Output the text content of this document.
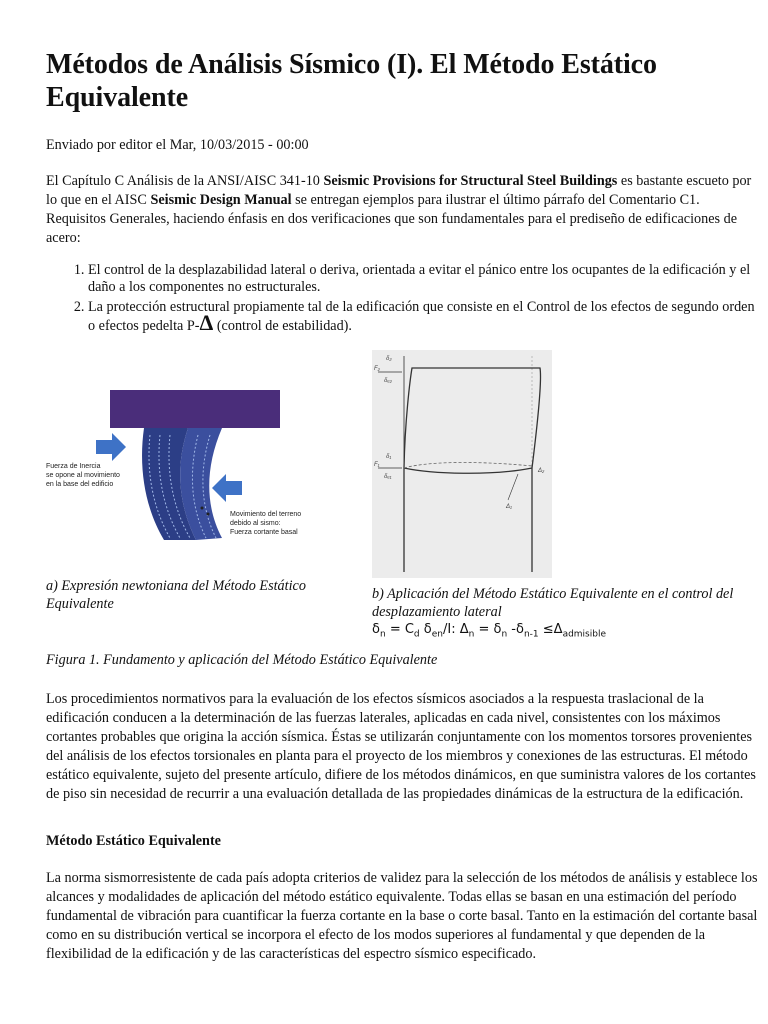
Métodos de Análisis Sísmico (I). El Método Estático Equivalente

Enviado por editor el Mar, 10/03/2015 - 00:00

El Capítulo C Análisis de la ANSI/AISC 341-10 Seismic Provisions for Structural Steel Buildings es bastante escueto por lo que en el AISC Seismic Design Manual se entregan ejemplos para ilustrar el último párrafo del Comentario C1. Requisitos Generales, haciendo énfasis en dos verificaciones que son fundamentales para el prediseño de edificaciones de acero:

1. El control de la desplazabilidad lateral o deriva, orientada a evitar el pánico entre los ocupantes de la edificación y el daño a los componentes no estructurales.
2. La protección estructural propiamente tal de la edificación que consiste en el Control de los efectos de segundo orden o efectos pedelta P-Δ (control de estabilidad).
Fuerza de Inercia
se opone al movimiento
en la base del edificio
Movimiento del terreno
debido al sismo:
Fuerza cortante basal
δ₂
F₂
δₑ₂
δ₁
F₁
δₑ₁
Δ₂
Δ₁
a) Expresión newtoniana del Método Estático Equivalente
b) Aplicación del Método Estático Equivalente en el control del desplazamiento lateral
$\delta_n = C_d$ $\delta_{en}/I$: $\Delta_n = \delta_n$ $-\delta_{n-1} \le\Delta_{admisible}$
Figura 1. Fundamento y aplicación del Método Estático Equivalente

Los procedimientos normativos para la evaluación de los efectos sísmicos asociados a la respuesta traslacional de la edificación conducen a la determinación de las fuerzas laterales, aplicadas en cada nivel, consistentes con los máximos cortantes probables que origina la acción sísmica. Éstas se utilizarán conjuntamente con los momentos torsores provenientes del análisis de los efectos torsionales en planta para el proyecto de los miembros y conexiones de las estructuras. El método estático equivalente, sujeto del presente artículo, difiere de los métodos dinámicos, en que suministra valores de los cortantes de piso sin necesidad de recurrir a una evaluación detallada de las propiedades dinámicas de la estructura de la edificación.

Método Estático Equivalente

La norma sismorresistente de cada país adopta criterios de validez para la selección de los métodos de análisis y establece los alcances y modalidades de aplicación del método estático equivalente. Todas ellas se basan en una estimación del período fundamental de vibración para cuantificar la fuerza cortante en la base o corte basal. Tanto en la estimación del cortante basal como en su distribución vertical se incorpora el efecto de los modos superiores al fundamental y que dependen de la flexibilidad de la edificación y de las características del espectro sísmico especificado.
